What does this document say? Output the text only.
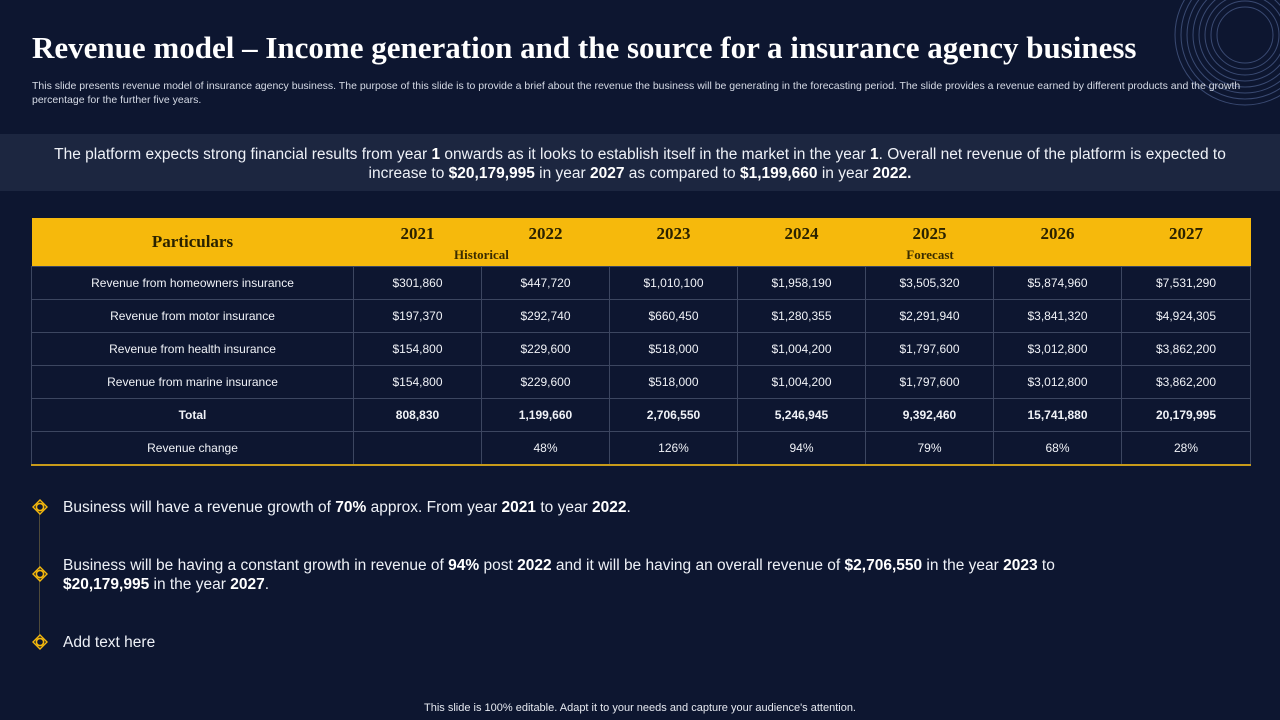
Revenue model – Income generation and the source for a insurance agency business
This slide presents revenue model of insurance agency business. The purpose of this slide is to provide a brief about the revenue the business will be generating in the forecasting period. The slide provides a revenue earned by different products and the growth percentage for the further five years.
The platform expects strong financial results from year 1 onwards as it looks to establish itself in the market in the year 1. Overall net revenue of the platform is expected to increase to $20,179,995 in year 2027 as compared to $1,199,660 in year 2022.
Particulars	2021	2022	2023	2024	2025	2026	2027
	Historical		Forecast				
Revenue from homeowners insurance	$301,860	$447,720	$1,010,100	$1,958,190	$3,505,320	$5,874,960	$7,531,290
Revenue from motor insurance	$197,370	$292,740	$660,450	$1,280,355	$2,291,940	$3,841,320	$4,924,305
Revenue from health insurance	$154,800	$229,600	$518,000	$1,004,200	$1,797,600	$3,012,800	$3,862,200
Revenue from marine insurance	$154,800	$229,600	$518,000	$1,004,200	$1,797,600	$3,012,800	$3,862,200
Total	808,830	1,199,660	2,706,550	5,246,945	9,392,460	15,741,880	20,179,995
Revenue change		48%	126%	94%	79%	68%	28%
Business will have a revenue growth of 70% approx. From year 2021 to year 2022.
Business will be having a constant growth in revenue of 94% post 2022 and it will be having an overall revenue of $2,706,550 in the year 2023 to $20,179,995 in the year 2027.
Add text here
This slide is 100% editable. Adapt it to your needs and capture your audience's attention.
